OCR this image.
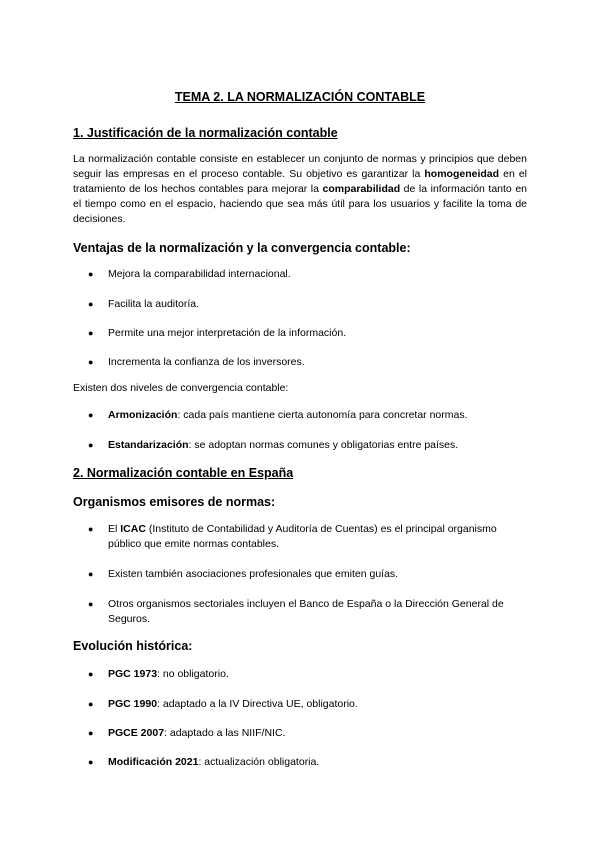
TEMA 2. LA NORMALIZACIÓN CONTABLE
1. Justificación de la normalización contable

La normalización contable consiste en establecer un conjunto de normas y principios que deben seguir las empresas en el proceso contable. Su objetivo es garantizar la homogeneidad en el tratamiento de los hechos contables para mejorar la comparabilidad de la información tanto en el tiempo como en el espacio, haciendo que sea más útil para los usuarios y facilite la toma de decisiones.

Ventajas de la normalización y la convergencia contable:
●	Mejora la comparabilidad internacional.
●	Facilita la auditoría.
●	Permite una mejor interpretación de la información.
●	Incrementa la confianza de los inversores.

Existen dos niveles de convergencia contable:

●	Armonización: cada país mantiene cierta autonomía para concretar normas.
●	Estandarización: se adoptan normas comunes y obligatorias entre países.
2. Normalización contable en España
Organismos emisores de normas:
●	El ICAC (Instituto de Contabilidad y Auditoría de Cuentas) es el principal organismo público que emite normas contables.
●	Existen también asociaciones profesionales que emiten guías.
●	Otros organismos sectoriales incluyen el Banco de España o la Dirección General de Seguros.
Evolución histórica:
●	PGC 1973: no obligatorio.
●	PGC 1990: adaptado a la IV Directiva UE, obligatorio.
●	PGCE 2007: adaptado a las NIIF/NIC.
●	Modificación 2021: actualización obligatoria.
